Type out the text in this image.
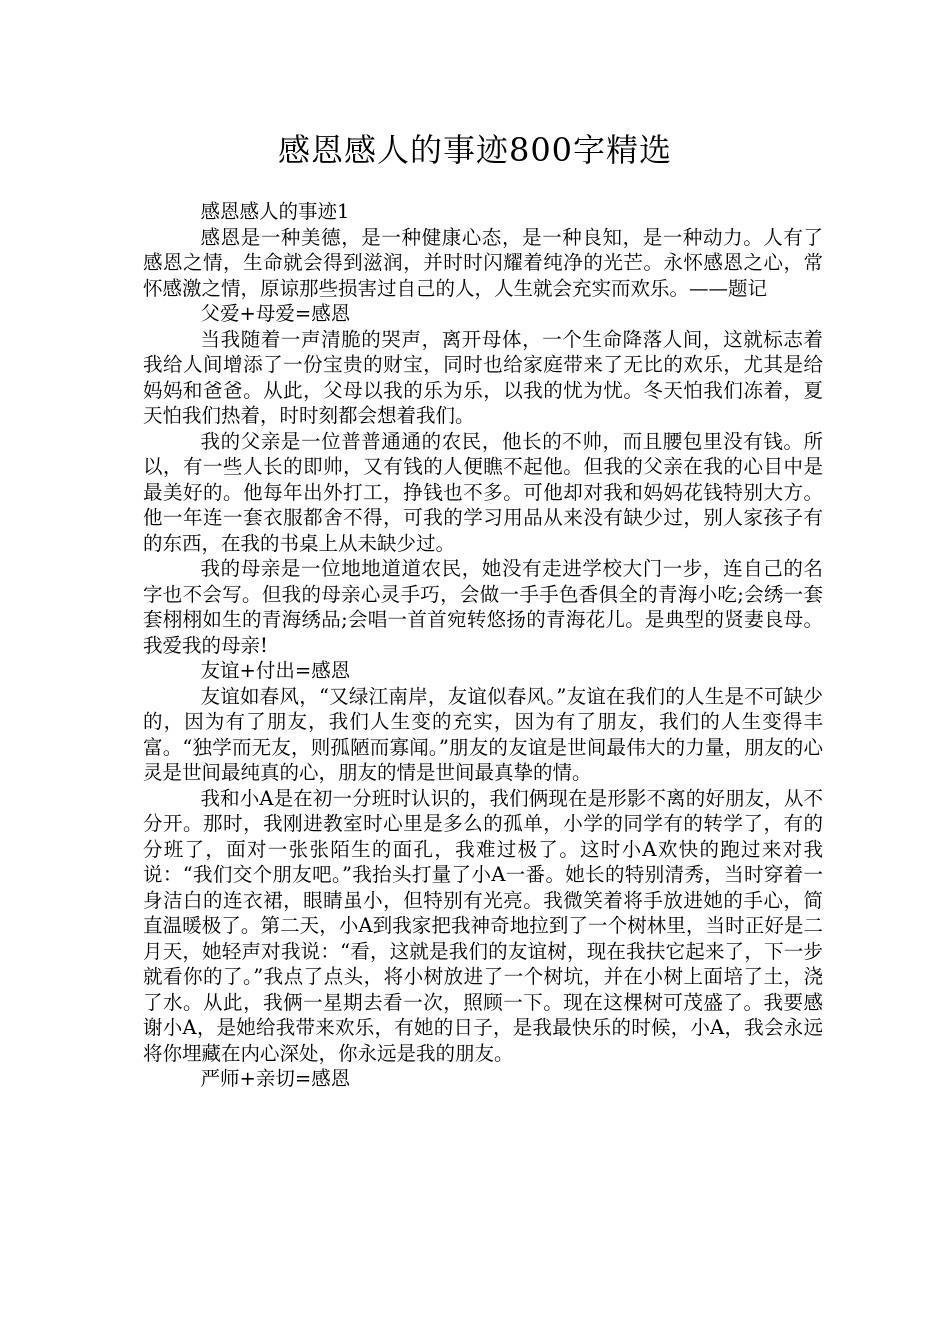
感恩感人的事迹800字精选

感恩感人的事迹1

感恩是一种美德，是一种健康心态，是一种良知，是一种动力。人有了感恩之情，生命就会得到滋润，并时时闪耀着纯净的光芒。永怀感恩之心，常怀感激之情，原谅那些损害过自己的人，人生就会充实而欢乐。——题记

父爱+母爱=感恩

当我随着一声清脆的哭声，离开母体，一个生命降落人间，这就标志着我给人间增添了一份宝贵的财宝，同时也给家庭带来了无比的欢乐，尤其是给妈妈和爸爸。从此，父母以我的乐为乐，以我的忧为忧。冬天怕我们冻着，夏天怕我们热着，时时刻都会想着我们。

我的父亲是一位普普通通的农民，他长的不帅，而且腰包里没有钱。所以，有一些人长的即帅，又有钱的人便瞧不起他。但我的父亲在我的心目中是最美好的。他每年出外打工，挣钱也不多。可他却对我和妈妈花钱特别大方。他一年连一套衣服都舍不得，可我的学习用品从来没有缺少过，别人家孩子有的东西，在我的书桌上从未缺少过。

我的母亲是一位地地道道农民，她没有走进学校大门一步，连自己的名字也不会写。但我的母亲心灵手巧，会做一手手色香俱全的青海小吃;会绣一套套栩栩如生的青海绣品;会唱一首首宛转悠扬的青海花儿。是典型的贤妻良母。我爱我的母亲!

友谊+付出=感恩

友谊如春风，“又绿江南岸，友谊似春风。”友谊在我们的人生是不可缺少的，因为有了朋友，我们人生变的充实，因为有了朋友，我们的人生变得丰富。“独学而无友，则孤陋而寡闻。”朋友的友谊是世间最伟大的力量，朋友的心灵是世间最纯真的心，朋友的情是世间最真挚的情。

我和小A是在初一分班时认识的，我们俩现在是形影不离的好朋友，从不分开。那时，我刚进教室时心里是多么的孤单，小学的同学有的转学了，有的分班了，面对一张张陌生的面孔，我难过极了。这时小A欢快的跑过来对我说：“我们交个朋友吧。”我抬头打量了小A一番。她长的特别清秀，当时穿着一身洁白的连衣裙，眼睛虽小，但特别有光亮。我微笑着将手放进她的手心，简直温暖极了。第二天，小A到我家把我神奇地拉到了一个树林里，当时正好是二月天，她轻声对我说：“看，这就是我们的友谊树，现在我扶它起来了，下一步就看你的了。”我点了点头，将小树放进了一个树坑，并在小树上面培了土，浇了水。从此，我俩一星期去看一次，照顾一下。现在这棵树可茂盛了。我要感谢小A，是她给我带来欢乐，有她的日子，是我最快乐的时候，小A，我会永远将你埋藏在内心深处，你永远是我的朋友。

严师+亲切=感恩
